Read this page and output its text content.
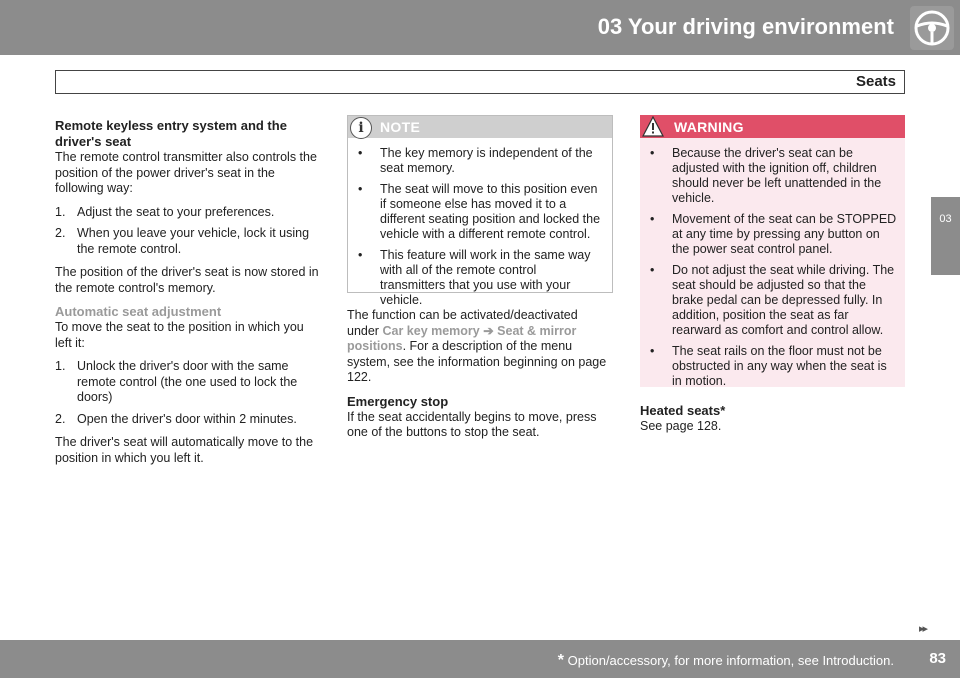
03 Your driving environment
Seats
03
Remote keyless entry system and the driver's seat

The remote control transmitter also controls the position of the power driver's seat in the following way:

1. Adjust the seat to your preferences.
2. When you leave your vehicle, lock it using the remote control.

The position of the driver's seat is now stored in the remote control's memory.

Automatic seat adjustment

To move the seat to the position in which you left it:

1. Unlock the driver's door with the same remote control (the one used to lock the doors)
2. Open the driver's door within 2 minutes.

The driver's seat will automatically move to the position in which you left it.

i	NOTE
• The key memory is independent of the seat memory.
• The seat will move to this position even if someone else has moved it to a different seating position and locked the vehicle with a different remote control.
• This feature will work in the same way with all of the remote control transmitters that you use with your vehicle.

The function can be activated/deactivated under Car key memory ➔ Seat & mirror positions. For a description of the menu system, see the information beginning on page 122.

Emergency stop

If the seat accidentally begins to move, press one of the buttons to stop the seat.

WARNING
• Because the driver's seat can be adjusted with the ignition off, children should never be left unattended in the vehicle.
• Movement of the seat can be STOPPED at any time by pressing any button on the power seat control panel.
• Do not adjust the seat while driving. The seat should be adjusted so that the brake pedal can be depressed fully. In addition, position the seat as far rearward as comfort and control allow.
• The seat rails on the floor must not be obstructed in any way when the seat is in motion.
Heated seats*

See page 128.

▸▸
* Option/accessory, for more information, see Introduction. 83
